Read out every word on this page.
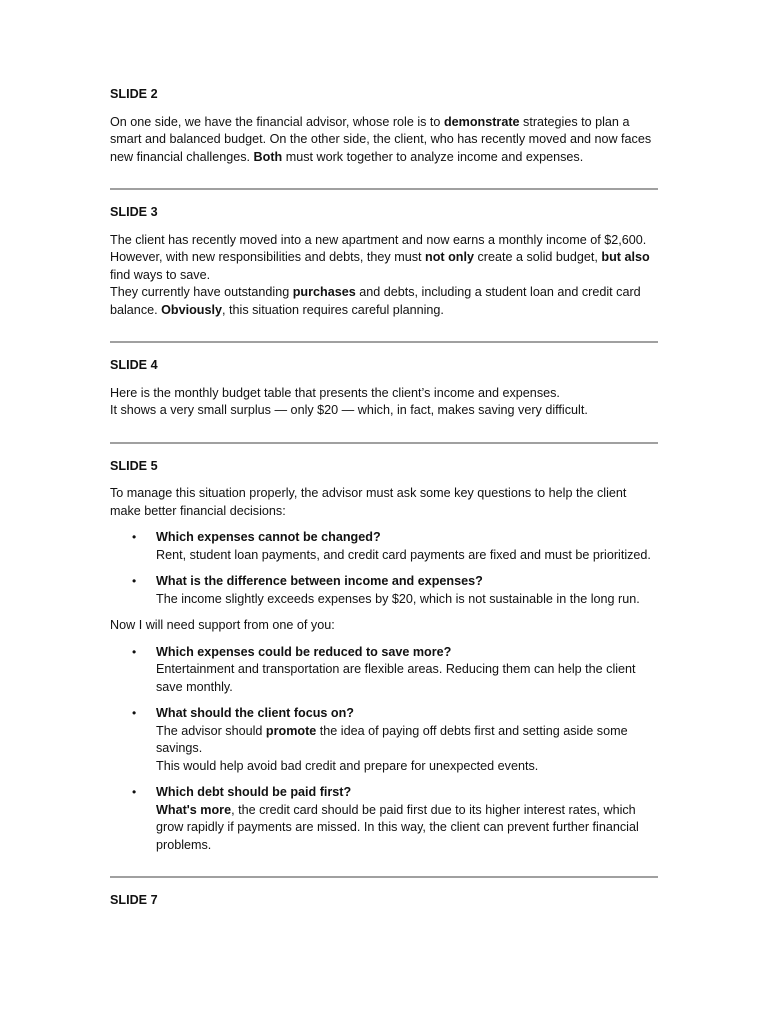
SLIDE 2

On one side, we have the financial advisor, whose role is to demonstrate strategies to plan a smart and balanced budget. On the other side, the client, who has recently moved and now faces new financial challenges. Both must work together to analyze income and expenses.

SLIDE 3

The client has recently moved into a new apartment and now earns a monthly income of $2,600. However, with new responsibilities and debts, they must not only create a solid budget, but also find ways to save.

They currently have outstanding purchases and debts, including a student loan and credit card balance. Obviously, this situation requires careful planning.

SLIDE 4

Here is the monthly budget table that presents the client’s income and expenses.

It shows a very small surplus — only $20 — which, in fact, makes saving very difficult.

SLIDE 5

To manage this situation properly, the advisor must ask some key questions to help the client make better financial decisions:

• Which expenses cannot be changed?
Rent, student loan payments, and credit card payments are fixed and must be prioritized.
• What is the difference between income and expenses?
The income slightly exceeds expenses by $20, which is not sustainable in the long run.

Now I will need support from one of you:

• Which expenses could be reduced to save more?
Entertainment and transportation are flexible areas. Reducing them can help the client save monthly.
• What should the client focus on?
The advisor should promote the idea of paying off debts first and setting aside some savings.
This would help avoid bad credit and prepare for unexpected events.
• Which debt should be paid first?
What's more, the credit card should be paid first due to its higher interest rates, which grow rapidly if payments are missed. In this way, the client can prevent further financial problems.
SLIDE 7
